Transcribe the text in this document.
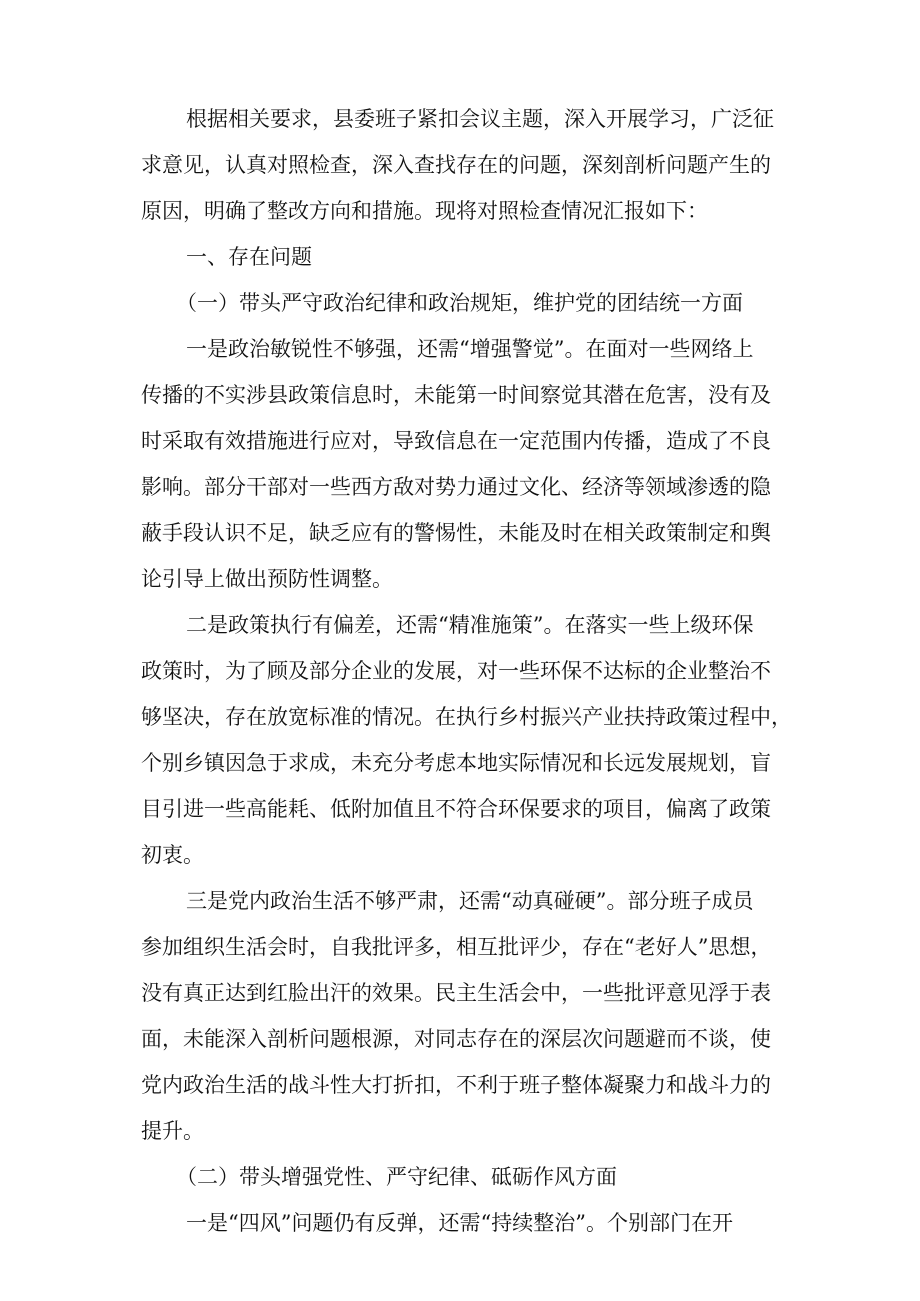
根据相关要求，县委班子紧扣会议主题，深入开展学习，广泛征

求意见，认真对照检查，深入查找存在的问题，深刻剖析问题产生的

原因，明确了整改方向和措施。现将对照检查情况汇报如下：

一、存在问题

（一）带头严守政治纪律和政治规矩，维护党的团结统一方面

一是政治敏锐性不够强，还需“增强警觉”。在面对一些网络上

传播的不实涉县政策信息时，未能第一时间察觉其潜在危害，没有及

时采取有效措施进行应对，导致信息在一定范围内传播，造成了不良

影响。部分干部对一些西方敌对势力通过文化、经济等领域渗透的隐

蔽手段认识不足，缺乏应有的警惕性，未能及时在相关政策制定和舆

论引导上做出预防性调整。

二是政策执行有偏差，还需“精准施策”。在落实一些上级环保

政策时，为了顾及部分企业的发展，对一些环保不达标的企业整治不

够坚决，存在放宽标准的情况。在执行乡村振兴产业扶持政策过程中，

个别乡镇因急于求成，未充分考虑本地实际情况和长远发展规划，盲

目引进一些高能耗、低附加值且不符合环保要求的项目，偏离了政策

初衷。

三是党内政治生活不够严肃，还需“动真碰硬”。部分班子成员

参加组织生活会时，自我批评多，相互批评少，存在“老好人”思想，

没有真正达到红脸出汗的效果。民主生活会中，一些批评意见浮于表

面，未能深入剖析问题根源，对同志存在的深层次问题避而不谈，使

党内政治生活的战斗性大打折扣，不利于班子整体凝聚力和战斗力的

提升。

（二）带头增强党性、严守纪律、砥砺作风方面

一是“四风”问题仍有反弹，还需“持续整治”。个别部门在开
